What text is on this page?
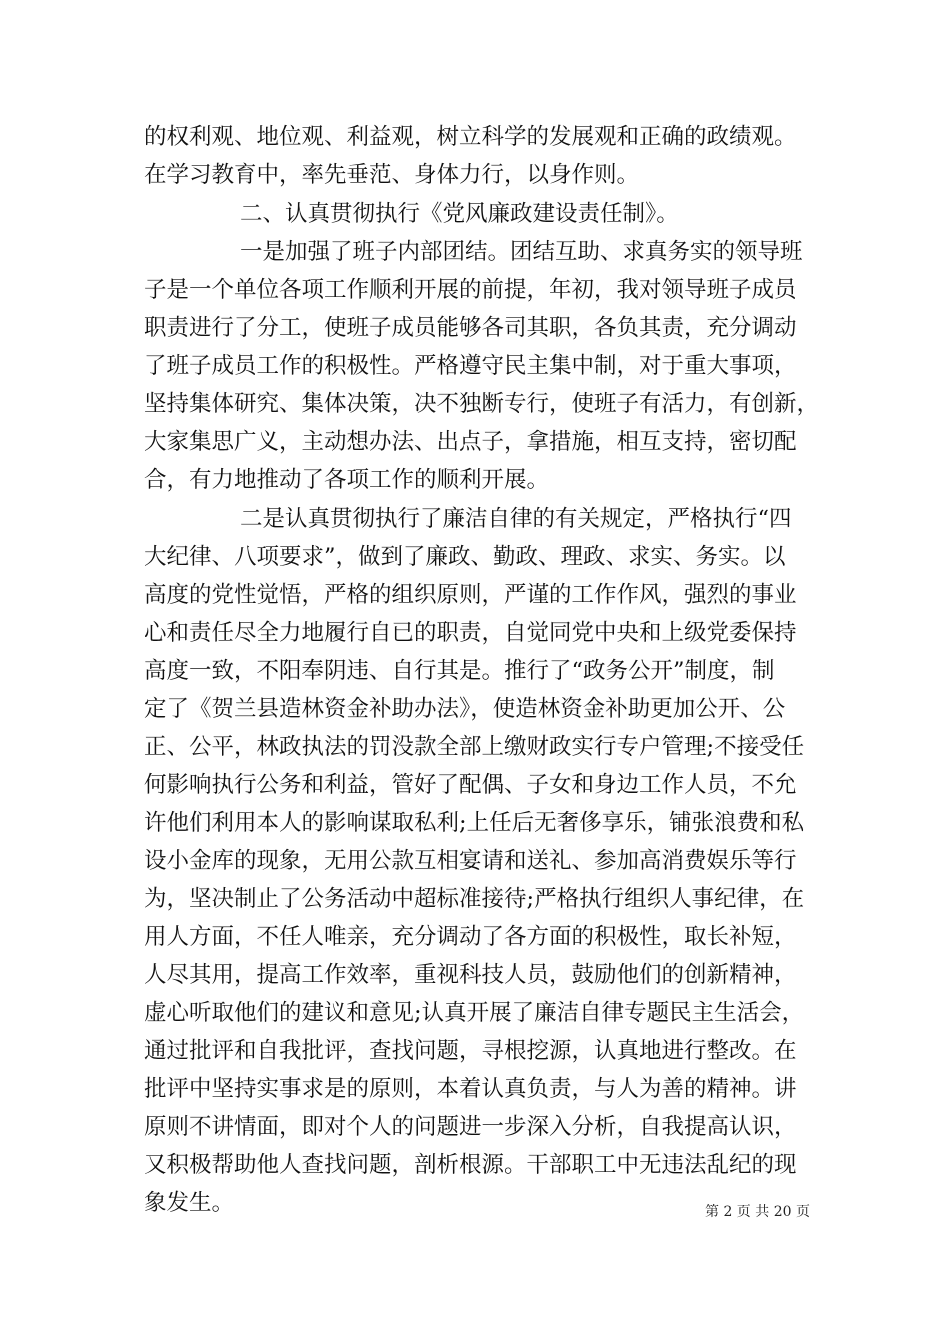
的权利观、地位观、利益观，树立科学的发展观和正确的政绩观。
在学习教育中，率先垂范、身体力行，以身作则。
二、认真贯彻执行《党风廉政建设责任制》。
一是加强了班子内部团结。团结互助、求真务实的领导班
子是一个单位各项工作顺利开展的前提，年初，我对领导班子成员
职责进行了分工，使班子成员能够各司其职，各负其责，充分调动
了班子成员工作的积极性。严格遵守民主集中制，对于重大事项，
坚持集体研究、集体决策，决不独断专行，使班子有活力，有创新，
大家集思广义，主动想办法、出点子，拿措施，相互支持，密切配
合，有力地推动了各项工作的顺利开展。
二是认真贯彻执行了廉洁自律的有关规定，严格执行“四
大纪律、八项要求”，做到了廉政、勤政、理政、求实、务实。以
高度的党性觉悟，严格的组织原则，严谨的工作作风，强烈的事业
心和责任尽全力地履行自已的职责，自觉同党中央和上级党委保持
高度一致，不阳奉阴违、自行其是。推行了“政务公开”制度，制
定了《贺兰县造林资金补助办法》，使造林资金补助更加公开、公
正、公平，林政执法的罚没款全部上缴财政实行专户管理;不接受任
何影响执行公务和利益，管好了配偶、子女和身边工作人员，不允
许他们利用本人的影响谋取私利;上任后无奢侈享乐，铺张浪费和私
设小金库的现象，无用公款互相宴请和送礼、参加高消费娱乐等行
为，坚决制止了公务活动中超标准接待;严格执行组织人事纪律，在
用人方面，不任人唯亲，充分调动了各方面的积极性，取长补短，
人尽其用，提高工作效率，重视科技人员，鼓励他们的创新精神，
虚心听取他们的建议和意见;认真开展了廉洁自律专题民主生活会，
通过批评和自我批评，查找问题，寻根挖源，认真地进行整改。在
批评中坚持实事求是的原则，本着认真负责，与人为善的精神。讲
原则不讲情面，即对个人的问题进一步深入分析，自我提高认识，
又积极帮助他人查找问题，剖析根源。干部职工中无违法乱纪的现
象发生。	第 2 页 共 20 页
